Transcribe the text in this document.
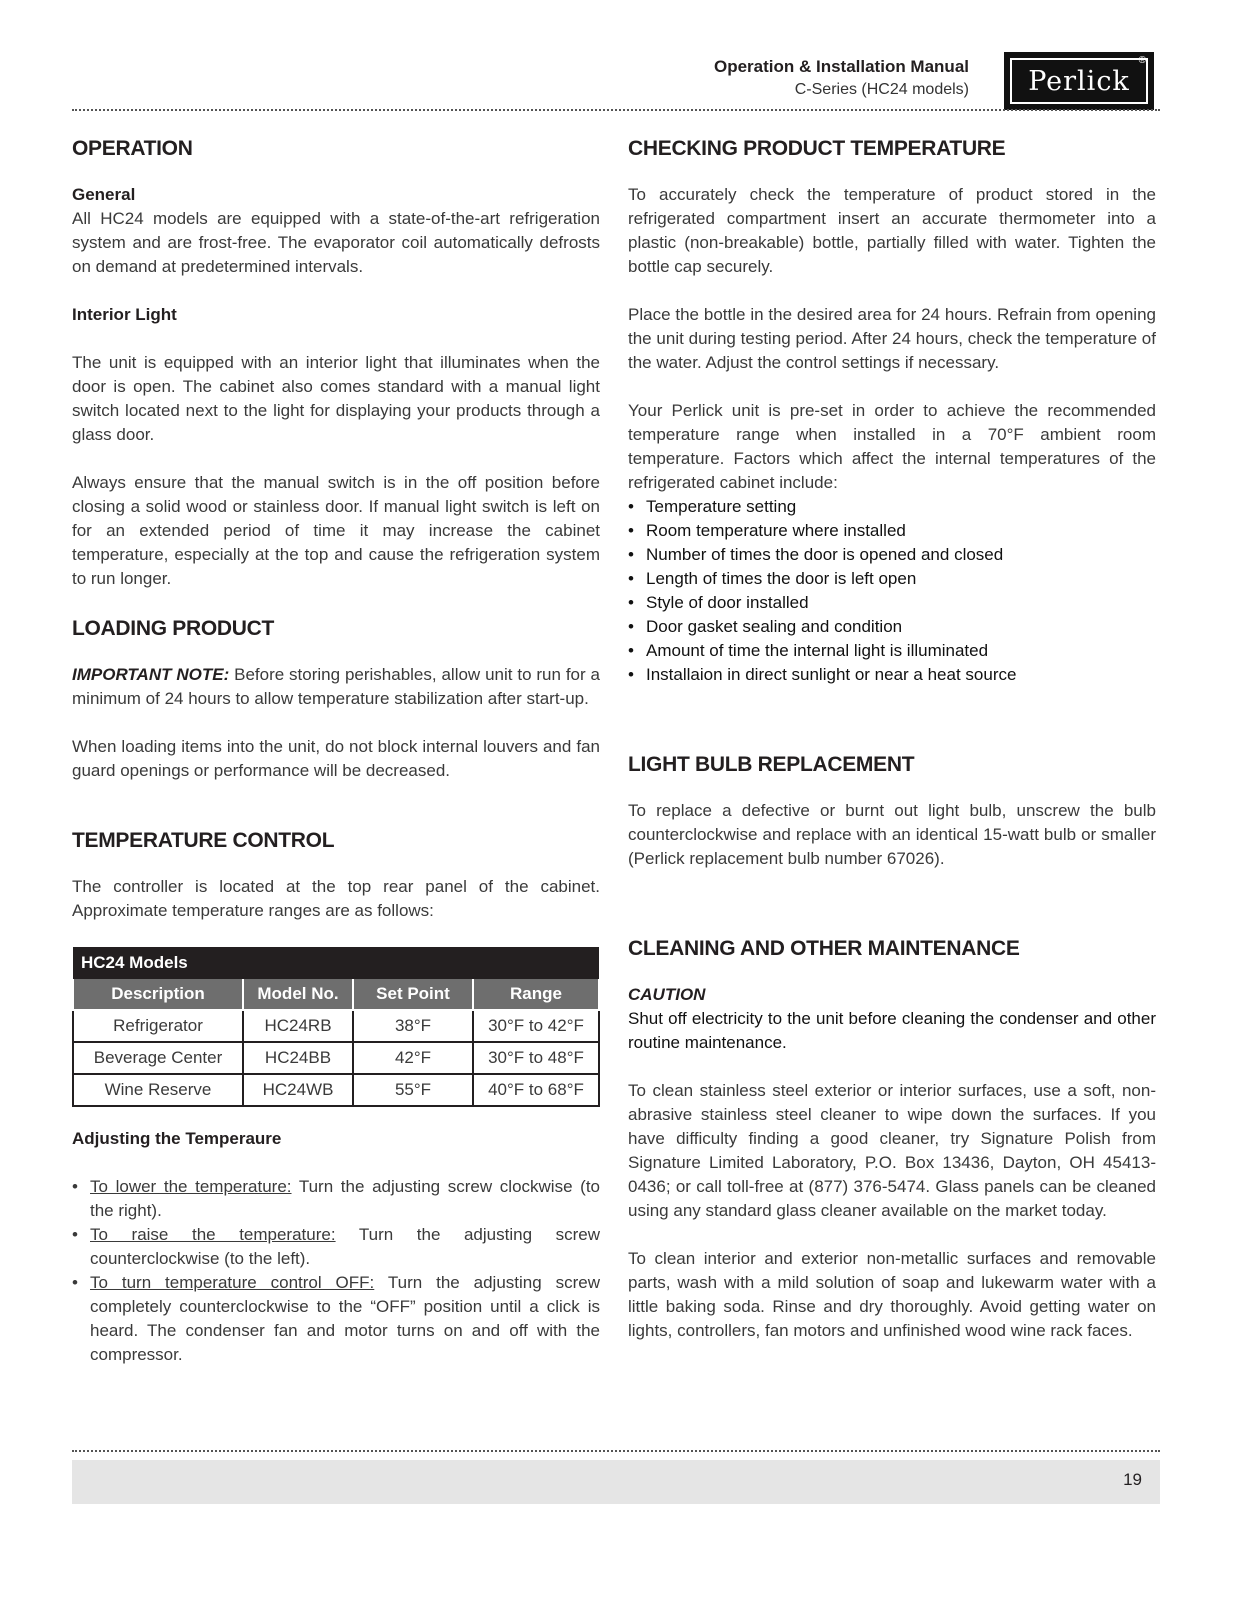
Operation & Installation Manual
C-Series (HC24 models)	Perlick
®
OPERATION
General

All HC24 models are equipped with a state-of-the-art refrigeration system and are frost-free. The evaporator coil automatically defrosts on demand at predetermined intervals.

Interior Light

The unit is equipped with an interior light that illuminates when the door is open. The cabinet also comes standard with a manual light switch located next to the light for displaying your products through a glass door.

Always ensure that the manual switch is in the off position before closing a solid wood or stainless door. If manual light switch is left on for an extended period of time it may increase the cabinet temperature, especially at the top and cause the refrigeration system to run longer.

LOADING PRODUCT

IMPORTANT NOTE: Before storing perishables, allow unit to run for a minimum of 24 hours to allow temperature stabilization after start-up.

When loading items into the unit, do not block internal louvers and fan guard openings or performance will be decreased.

TEMPERATURE CONTROL

The controller is located at the top rear panel of the cabinet. Approximate temperature ranges are as follows:

HC24 Models			
Description	Model No.	Set Point	Range
Refrigerator	HC24RB	38°F	30°F to 42°F
Beverage Center	HC24BB	42°F	30°F to 48°F
Wine Reserve	HC24WB	55°F	40°F to 68°F
Adjusting the Temperaure
• To lower the temperature: Turn the adjusting screw clockwise (to the right).
• To raise the temperature: Turn the adjusting screw counterclockwise (to the left).
• To turn temperature control OFF: Turn the adjusting screw completely counterclockwise to the “OFF” position until a click is heard. The condenser fan and motor turns on and off with the compressor.
CHECKING PRODUCT TEMPERATURE

To accurately check the temperature of product stored in the refrigerated compartment insert an accurate thermometer into a plastic (non-breakable) bottle, partially filled with water. Tighten the bottle cap securely.

Place the bottle in the desired area for 24 hours. Refrain from opening the unit during testing period. After 24 hours, check the temperature of the water. Adjust the control settings if necessary.

Your Perlick unit is pre-set in order to achieve the recommended temperature range when installed in a 70°F ambient room temperature. Factors which affect the internal temperatures of the refrigerated cabinet include:

• Temperature setting
• Room temperature where installed
• Number of times the door is opened and closed
• Length of times the door is left open
• Style of door installed
• Door gasket sealing and condition
• Amount of time the internal light is illuminated
• Installaion in direct sunlight or near a heat source
LIGHT BULB REPLACEMENT

To replace a defective or burnt out light bulb, unscrew the bulb counterclockwise and replace with an identical 15-watt bulb or smaller (Perlick replacement bulb number 67026).

CLEANING AND OTHER MAINTENANCE
CAUTION

Shut off electricity to the unit before cleaning the condenser and other routine maintenance.

To clean stainless steel exterior or interior surfaces, use a soft, non-abrasive stainless steel cleaner to wipe down the surfaces. If you have difficulty finding a good cleaner, try Signature Polish from Signature Limited Laboratory, P.O. Box 13436, Dayton, OH 45413-0436; or call toll-free at (877) 376-5474. Glass panels can be cleaned using any standard glass cleaner available on the market today.

To clean interior and exterior non-metallic surfaces and removable parts, wash with a mild solution of soap and lukewarm water with a little baking soda. Rinse and dry thoroughly. Avoid getting water on lights, controllers, fan motors and unfinished wood wine rack faces.

19
